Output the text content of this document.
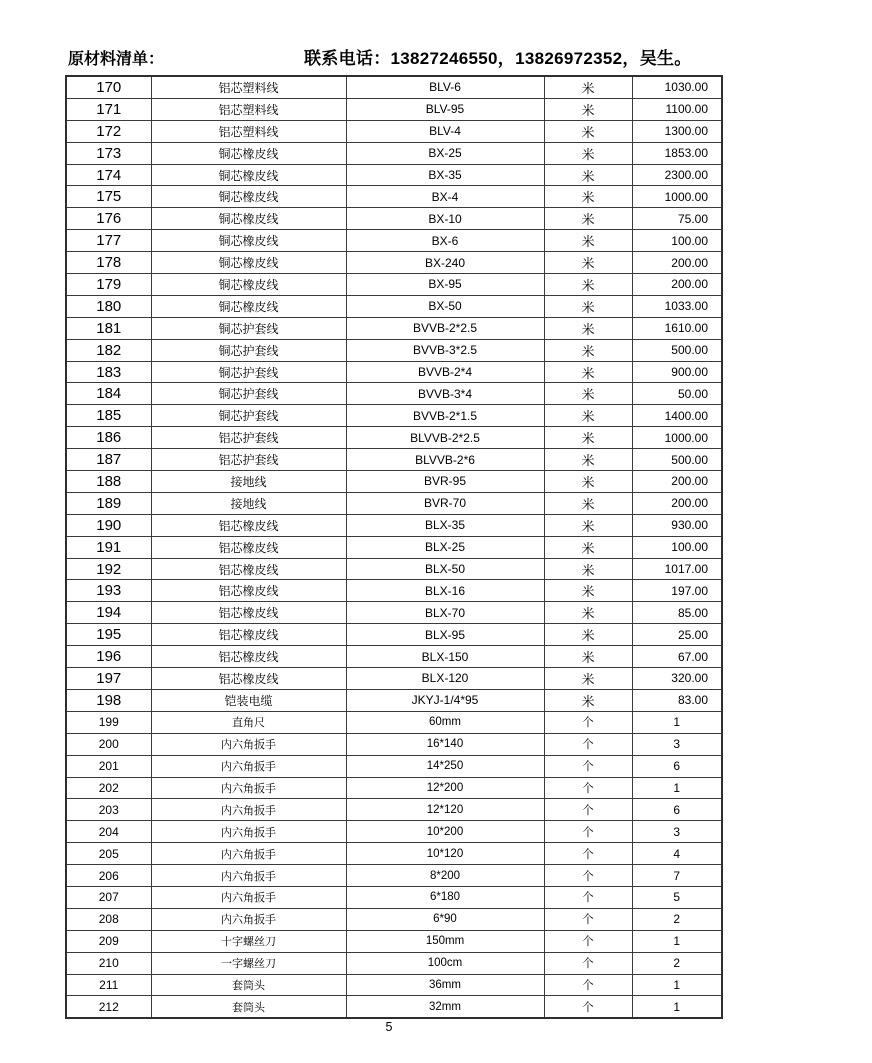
原材料清单：	联系电话：13827246550，13826972352，吴生。
170	铝芯塑料线	BLV-6	米	1030.00
171	铝芯塑料线	BLV-95	米	1100.00
172	铝芯塑料线	BLV-4	米	1300.00
173	铜芯橡皮线	BX-25	米	1853.00
174	铜芯橡皮线	BX-35	米	2300.00
175	铜芯橡皮线	BX-4	米	1000.00
176	铜芯橡皮线	BX-10	米	75.00
177	铜芯橡皮线	BX-6	米	100.00
178	铜芯橡皮线	BX-240	米	200.00
179	铜芯橡皮线	BX-95	米	200.00
180	铜芯橡皮线	BX-50	米	1033.00
181	铜芯护套线	BVVB-2*2.5	米	1610.00
182	铜芯护套线	BVVB-3*2.5	米	500.00
183	铜芯护套线	BVVB-2*4	米	900.00
184	铜芯护套线	BVVB-3*4	米	50.00
185	铜芯护套线	BVVB-2*1.5	米	1400.00
186	铝芯护套线	BLVVB-2*2.5	米	1000.00
187	铝芯护套线	BLVVB-2*6	米	500.00
188	接地线	BVR-95	米	200.00
189	接地线	BVR-70	米	200.00
190	铝芯橡皮线	BLX-35	米	930.00
191	铝芯橡皮线	BLX-25	米	100.00
192	铝芯橡皮线	BLX-50	米	1017.00
193	铝芯橡皮线	BLX-16	米	197.00
194	铝芯橡皮线	BLX-70	米	85.00
195	铝芯橡皮线	BLX-95	米	25.00
196	铝芯橡皮线	BLX-150	米	67.00
197	铝芯橡皮线	BLX-120	米	320.00
198	铠装电缆	JKYJ-1/4*95	米	83.00
199	直角尺	60mm	个	1
200	内六角扳手	16*140	个	3
201	内六角扳手	14*250	个	6
202	内六角扳手	12*200	个	1
203	内六角扳手	12*120	个	6
204	内六角扳手	10*200	个	3
205	内六角扳手	10*120	个	4
206	内六角扳手	8*200	个	7
207	内六角扳手	6*180	个	5
208	内六角扳手	6*90	个	2
209	十字螺丝刀	150mm	个	1
210	一字螺丝刀	100cm	个	2
211	套筒头	36mm	个	1
212	套筒头	32mm	个	1
5
